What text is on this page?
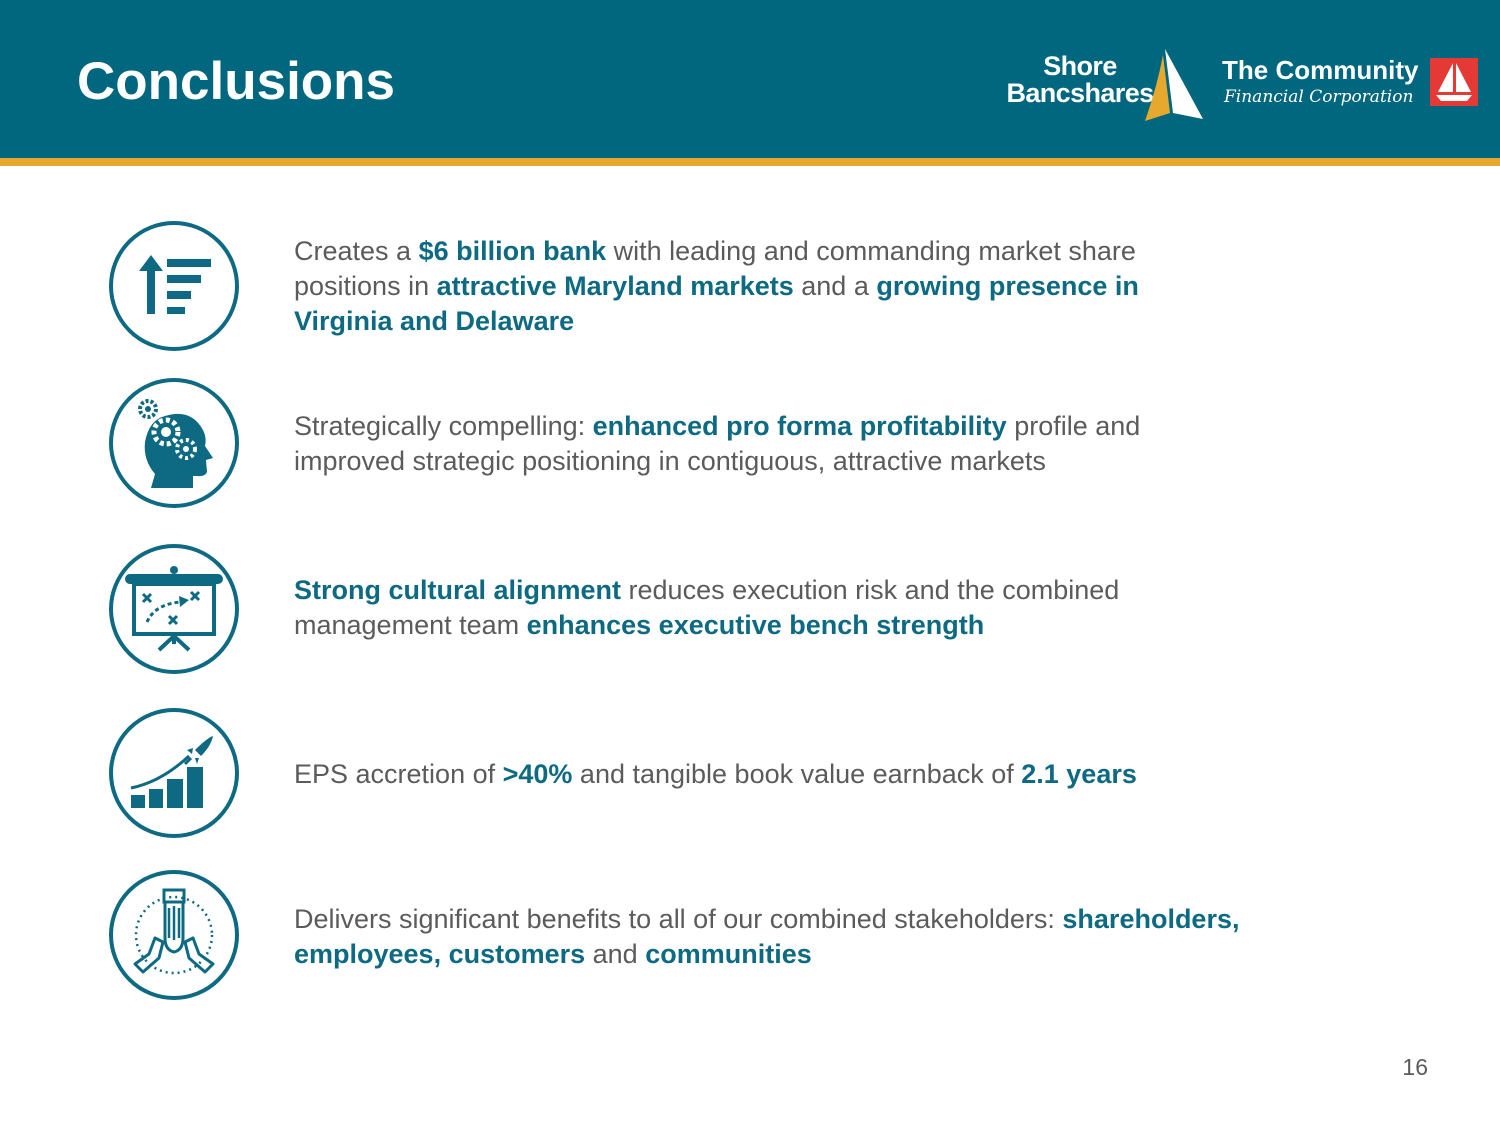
Conclusions	Shore
Bancshares
The Community
Financial Corporation
Creates a $6 billion bank with leading and commanding market share positions in attractive Maryland markets and a growing presence in Virginia and Delaware
Strategically compelling: enhanced pro forma profitability profile and improved strategic positioning in contiguous, attractive markets
Strong cultural alignment reduces execution risk and the combined management team enhances executive bench strength
EPS accretion of >40% and tangible book value earnback of 2.1 years
Delivers significant benefits to all of our combined stakeholders: shareholders, employees, customers and communities
16
